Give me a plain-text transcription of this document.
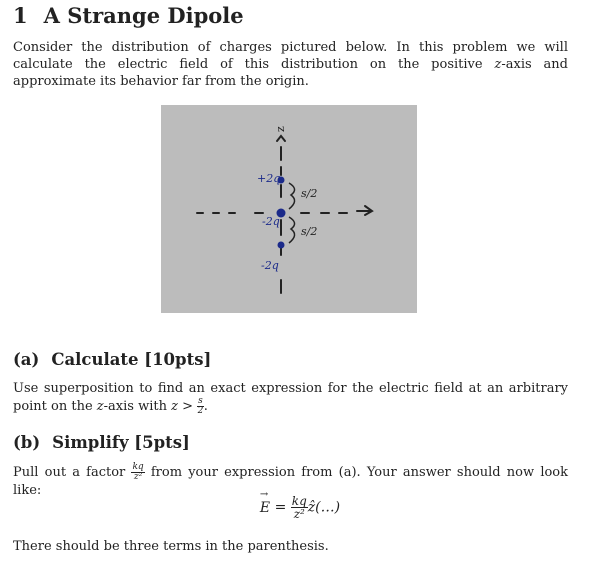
1 A Strange Dipole

Consider the distribution of charges pictured below. In this problem we will calculate the electric field of this distribution on the positive z-axis and approximate its behavior far from the origin.

z
+2q
-2q
-2q
s/2
s/2
(a) Calculate [10pts]

Use superposition to find an exact expression for the electric field at an arbitrary point on the z-axis with $z > \frac{s}{2}$ .

(b) Simplify [5pts]

Pull out a factor $\frac{kq}{\text{z²}}$ from your expression from (a). Your answer should now look like:

→ $E = \frac{kq}{\text{z²}}$ ẑ(…)

There should be three terms in the parenthesis.
